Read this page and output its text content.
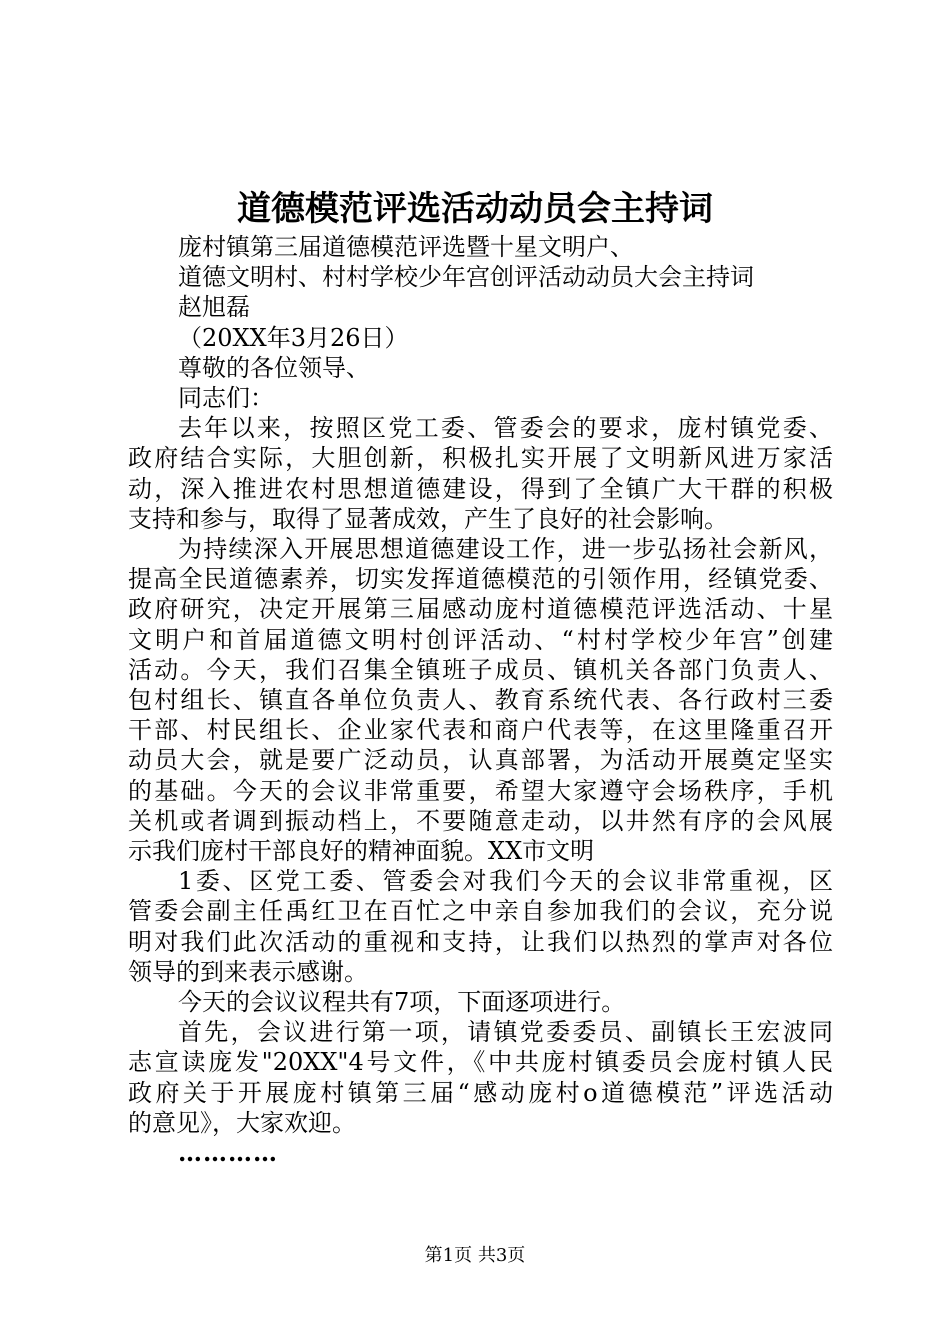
道德模范评选活动动员会主持词
庞村镇第三届道德模范评选暨十星文明户、
道德文明村、村村学校少年宫创评活动动员大会主持词
赵旭磊
（20XX年3月26日）
尊敬的各位领导、
同志们：
去年以来，按照区党工委、管委会的要求，庞村镇党委、
政府结合实际，大胆创新，积极扎实开展了文明新风进万家活
动，深入推进农村思想道德建设，得到了全镇广大干群的积极
支持和参与，取得了显著成效，产生了良好的社会影响。
为持续深入开展思想道德建设工作，进一步弘扬社会新风，
提高全民道德素养，切实发挥道德模范的引领作用，经镇党委、
政府研究，决定开展第三届感动庞村道德模范评选活动、十星
文明户和首届道德文明村创评活动、“村村学校少年宫”创建
活动。今天，我们召集全镇班子成员、镇机关各部门负责人、
包村组长、镇直各单位负责人、教育系统代表、各行政村三委
干部、村民组长、企业家代表和商户代表等，在这里隆重召开
动员大会，就是要广泛动员，认真部署，为活动开展奠定坚实
的基础。今天的会议非常重要，希望大家遵守会场秩序，手机
关机或者调到振动档上，不要随意走动，以井然有序的会风展
示我们庞村干部良好的精神面貌。XX市文明
1委、区党工委、管委会对我们今天的会议非常重视，区
管委会副主任禹红卫在百忙之中亲自参加我们的会议，充分说
明对我们此次活动的重视和支持，让我们以热烈的掌声对各位
领导的到来表示感谢。
今天的会议议程共有7项，下面逐项进行。
首先，会议进行第一项，请镇党委委员、副镇长王宏波同
志宣读庞发"20XX"4号文件，《中共庞村镇委员会庞村镇人民
政府关于开展庞村镇第三届“感动庞村o道德模范”评选活动
的意见》，大家欢迎。
…………
第1页 共3页
